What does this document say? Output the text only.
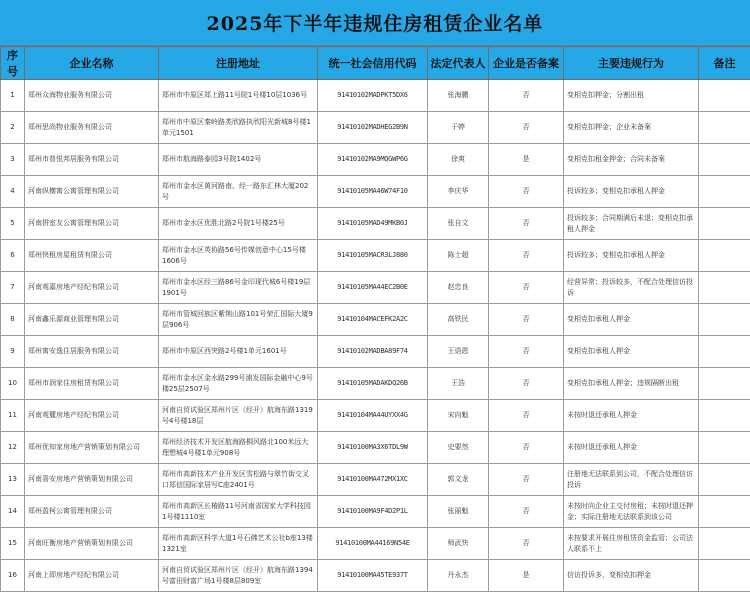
2025年下半年违规住房租赁企业名单
序号	企业名称	注册地址	统一社会信用代码	法定代表人	企业是否备案	主要违规行为	备注
1	郑州众海物业服务有限公司	郑州市中原区郑上路11号院1号楼10层1036号	91410102MADPKT5DX6	张海鹏	否	变相克扣押金；分割出租	
2	郑州思尚物业服务有限公司	郑州市中原区秦岭路类欣路执欣阳光新城8号楼1单元1501	91410102MADHEG2B9N	于婷	否	变相克扣押金；企业未备案	
3	郑州市普悦邦居服务有限公司	郑州市航海路泰园3号院1402号	91410102MA9MQGWP6G	徐爽	是	变相克扣租金押金；合同未备案	
4	河南纵横寓公寓管理有限公司	郑州市金水区黄河路南、经一路东汇林大厦202号	91410105MA46W74F10	李庆华	否	投诉较多；变相克扣承租人押金	
5	河南拼室友公寓管理有限公司	郑州市金水区优胜北路2号院1号楼25号	91410105MAD49MKB0J	张自文	否	投诉较多；合同期满后未退；变相克扣承租人押金	
6	郑州快租房屋租赁有限公司	郑州市金水区英协路56号传媒创意中心15号楼1606号	91410105MACR3LJ880	陈士超	否	投诉较多；变相克扣承租人押金	
7	河南观嘉房地产经纪有限公司	郑州市金水区经三路86号金印现代城6号楼19层1901号	91410105MA44EC2B0E	赵忠良	否	经营异常；投诉较多，不配合处理信访投诉	
8	河南鑫乐源商业管理有限公司	郑州市管城回族区紫荆山路101号荣汇国际大厦9层906号	91410104MACEFK2A2C	高铁民	否	变相克扣承租人押金	
9	郑州寓安逸住居服务有限公司	郑州市中原区西突路2号楼1单元1601号	91410102MADBA89F74	王语恩	否	变相克扣承租人押金	
10	郑州市润家住房租赁有限公司	郑州市金水区金水路299号浦发国际金融中心9号楼25层2507号	91410105MADAKDQ26B	王浩	否	变相克扣承租人押金；违规隔断出租	
11	河南观麓房地产经纪有限公司	河南自贸试验区郑州片区（经开）航海东路1319号4号楼18层	91410104MA44UYXX4G	宋向魁	否	未按时退还承租人押金	
12	郑州优知家房地产营销策划有限公司	郑州经济技术开发区航海路桐风路北100米远大理想城4号楼1单元908号	91410100MA3X6TDL9W	史要然	否	未按时退还承租人押金	
13	河南喜安房地产营销策划有限公司	郑州市高新技术产业开发区雪松路与翠竹街交叉口郑信国际家居写C座2401号	91410100MA472MX1XC	郭文龙	否	注册地无法联系到公司，不配合处理信访投诉	
14	郑州盈柯公寓管理有限公司	郑州市高新区长椿路11号河南省国家大学科技园1号楼1110室	91410100MA9F4D2P1L	张丽魁	否	未按时向企业主交付房租；未按时退还押金；实际注册地无法联系到该公司	
15	河南旺衡房地产营销策划有限公司	郑州市高新区科学大道1号石佛艺术公社b座13楼1321室	91410100MA44169N54E	师武快	否	未按要求开展住房租赁资金监管；公司法人联系不上	
16	河南上即房地产经纪有限公司	河南自贸试验区郑州片区（经开）航海东路1394号富田财富广场1号楼8层809室	91410100MA45TE937T	丹永杰	是	信访投诉多，变相克扣押金	
